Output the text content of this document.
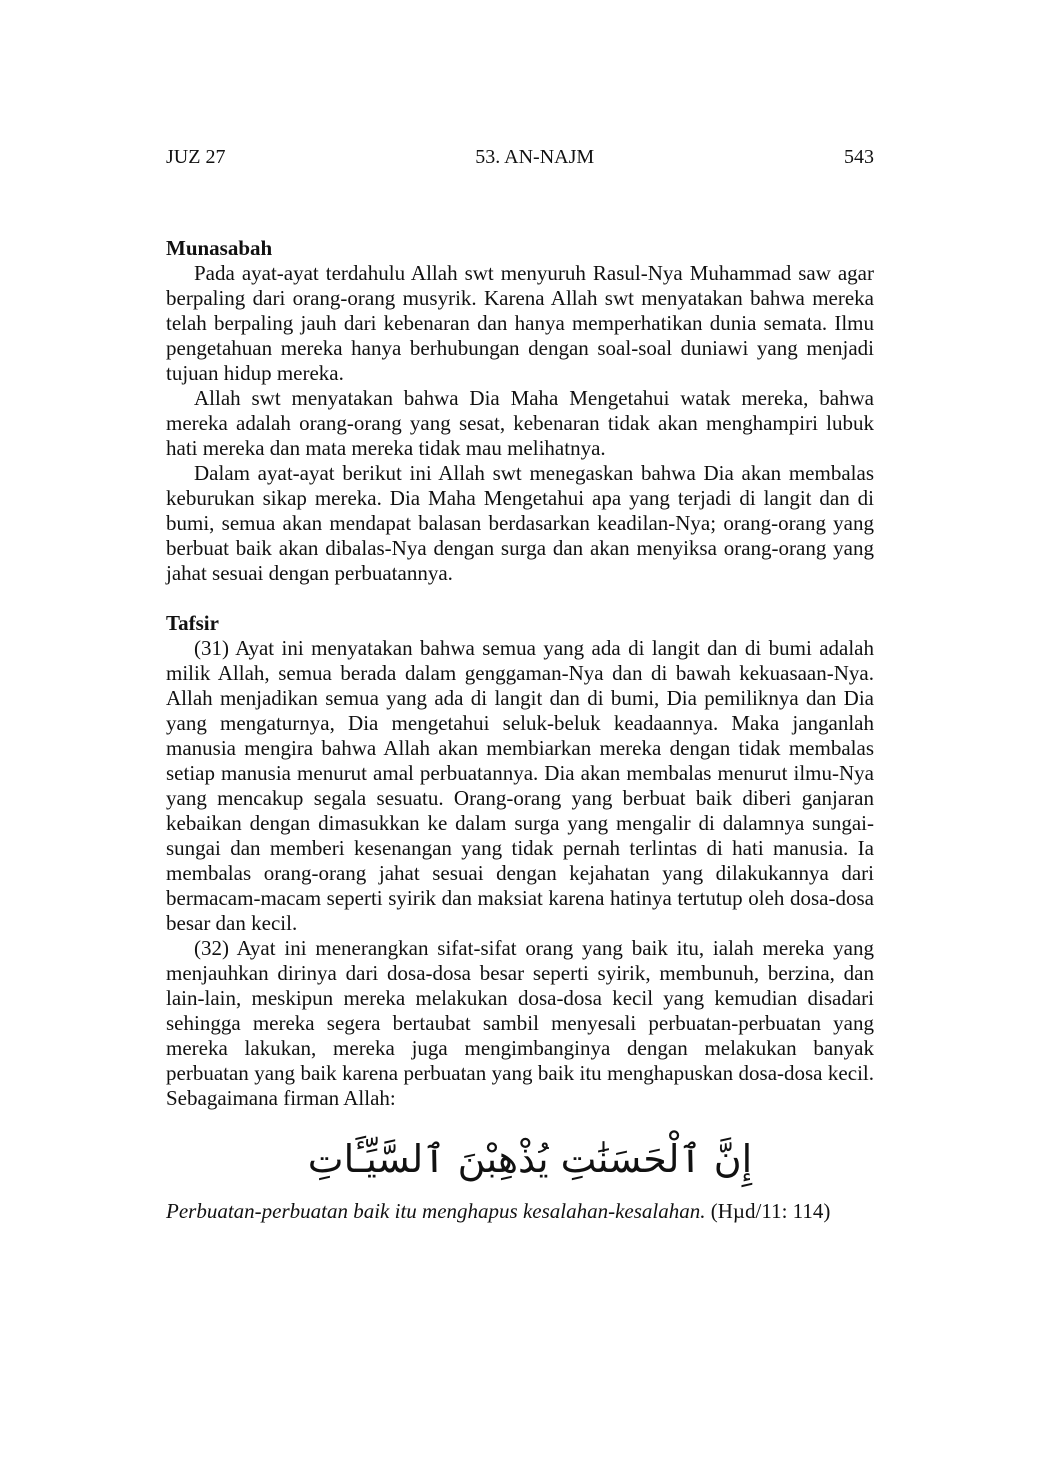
JUZ 27	53. AN-NAJM	543
Munasabah

Pada ayat-ayat terdahulu Allah swt menyuruh Rasul-Nya Muhammad saw agar berpaling dari orang-orang musyrik. Karena Allah swt menyatakan bahwa mereka telah berpaling jauh dari kebenaran dan hanya memperhatikan dunia semata. Ilmu pengetahuan mereka hanya berhubungan dengan soal-soal duniawi yang menjadi tujuan hidup mereka.

Allah swt menyatakan bahwa Dia Maha Mengetahui watak mereka, bahwa mereka adalah orang-orang yang sesat, kebenaran tidak akan menghampiri lubuk hati mereka dan mata mereka tidak mau melihatnya.

Dalam ayat-ayat berikut ini Allah swt menegaskan bahwa Dia akan membalas keburukan sikap mereka. Dia Maha Mengetahui apa yang terjadi di langit dan di bumi, semua akan mendapat balasan berdasarkan keadilan-Nya; orang-orang yang berbuat baik akan dibalas-Nya dengan surga dan akan menyiksa orang-orang yang jahat sesuai dengan perbuatannya.

Tafsir

(31) Ayat ini menyatakan bahwa semua yang ada di langit dan di bumi adalah milik Allah, semua berada dalam genggaman-Nya dan di bawah kekuasaan-Nya. Allah menjadikan semua yang ada di langit dan di bumi, Dia pemiliknya dan Dia yang mengaturnya, Dia mengetahui seluk-beluk keadaannya. Maka janganlah manusia mengira bahwa Allah akan membiarkan mereka dengan tidak membalas setiap manusia menurut amal perbuatannya. Dia akan membalas menurut ilmu-Nya yang mencakup segala sesuatu. Orang-orang yang berbuat baik diberi ganjaran kebaikan dengan dimasukkan ke dalam surga yang mengalir di dalamnya sungai-sungai dan memberi kesenangan yang tidak pernah terlintas di hati manusia. Ia membalas orang-orang jahat sesuai dengan kejahatan yang dilakukannya dari bermacam-macam seperti syirik dan maksiat karena hatinya tertutup oleh dosa-dosa besar dan kecil.

(32) Ayat ini menerangkan sifat-sifat orang yang baik itu, ialah mereka yang menjauhkan dirinya dari dosa-dosa besar seperti syirik, membunuh, berzina, dan lain-lain, meskipun mereka melakukan dosa-dosa kecil yang kemudian disadari sehingga mereka segera bertaubat sambil menyesali perbuatan-perbuatan yang mereka lakukan, mereka juga mengimbanginya dengan melakukan banyak perbuatan yang baik karena perbuatan yang baik itu menghapuskan dosa-dosa kecil. Sebagaimana firman Allah:

إِنَّ ٱلْحَسَنَٰتِ يُذْهِبْنَ ٱلسَّيِّـَٔاتِ

Perbuatan-perbuatan baik itu menghapus kesalahan-kesalahan. (Hµd/11: 114)
